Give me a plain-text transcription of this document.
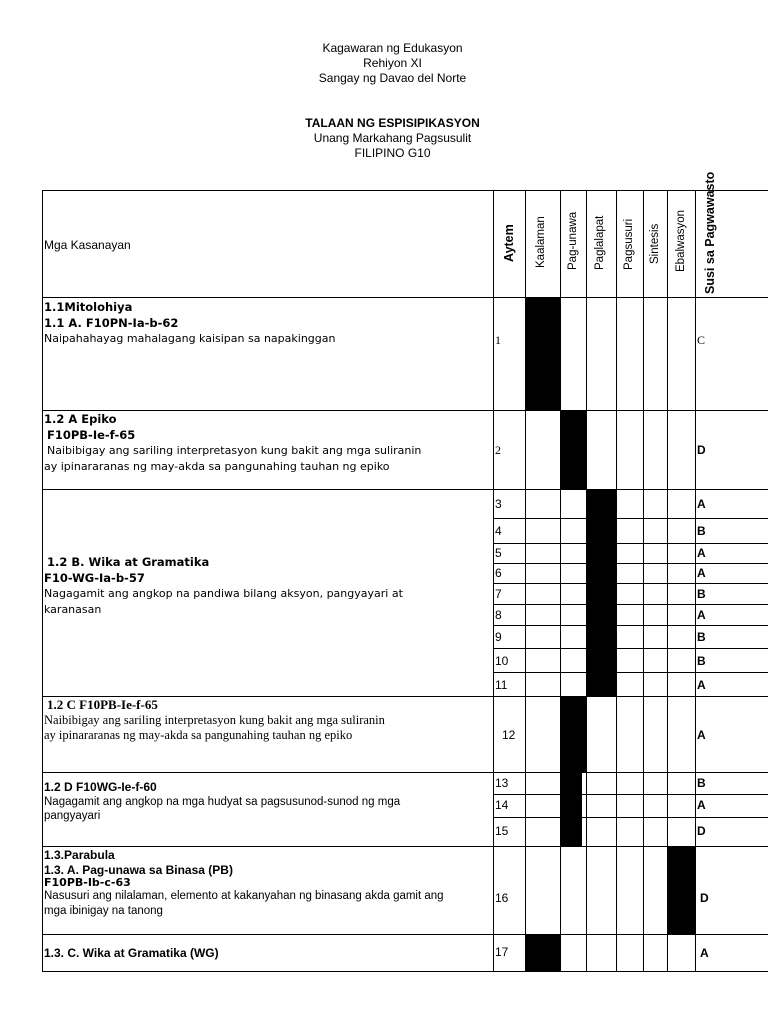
Kagawaran ng Edukasyon
Rehiyon XI
Sangay ng Davao del Norte
TALAAN NG ESPISIPIKASYON
Unang Markahang Pagsusulit
FILIPINO G10
Mga Kasanayan	Aytem Kaalaman Pag-unawa Paglalapat Pagsusuri Sintesis Ebalwasyon Susi sa Pagwawasto
1.1Mitolohiya
1.1 A. F10PN-Ia-b-62
Naipahahayag mahalagang kaisipan sa napakinggan
1.2 A Epiko
F10PB-Ie-f-65
Naibibigay ang sariling interpretasyon kung bakit ang mga suliranin
ay ipinararanas ng may-akda sa pangunahing tauhan ng epiko
1.2 B. Wika at Gramatika
F10-WG-Ia-b-57
Nagagamit ang angkop na pandiwa bilang aksyon, pangyayari at
karanasan
1.2 C F10PB-Ie-f-65
Naibibigay ang sariling interpretasyon kung bakit ang mga suliranin
ay ipinararanas ng may-akda sa pangunahing tauhan ng epiko
1.2 D F10WG-Ie-f-60
Nagagamit ang angkop na mga hudyat sa pagsusunod-sunod ng mga
pangyayari
1.3.Parabula
1.3. A. Pag-unawa sa Binasa (PB)
F10PB-Ib-c-63
Nasusuri ang nilalaman, elemento at kakanyahan ng binasang akda gamit ang
mga ibinigay na tanong
1.3. C. Wika at Gramatika (WG)
1
2
3
4
5
6
7
8
9
10
11
12
13
14
15
16
17
C
D
A
B
A
A
B
A
B
B
A
A
B
A
D
D
A
